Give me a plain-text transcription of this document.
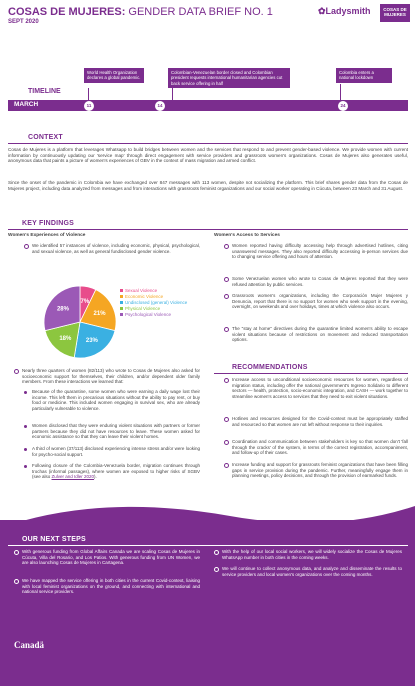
COSAS DE MUJERES: GENDER DATA BRIEF NO. 1
SEPT 2020
✿Ladysmith	COSAS DE MUJERES
World Health Organization declares a global pandemic.
Colombian-Venezuelan border closed and Colombian president requests international humanitarian agencies cut back service offering in half
Colombia enters a national lockdown
TIMELINE
MARCH	11	14	24
CONTEXT
Cosas de Mujeres is a platform that leverages Whatsapp to build bridges between women and the services that respond to and prevent gender-based violence. We provide women with current information by continuously updating our 'service map' through direct engagement with service providers and grassroots women's organizations. Cosas de Mujeres also generates useful, anonymous data that paints a picture of women's experiences of GBV in the context of mass migration and armed conflict.
Since the onset of the pandemic in Colombia we have exchanged over 847 messages with 113 women, despite not socializing the platform. This brief shares gender data from the Cosas de Mujeres project, including data analyzed from messages and from interactions with grassroots feminist organizations and our social worker operating in Cúcuta, between 23 March and 31 August.
KEY FINDINGS
Women's Experiences of Violence
We identified 57 instances of violence, including economic, physical, psychological, and sexual violence, as well as general fundisclosed gender violence.
7%
21%
23%
18%
28%
Sexual Violence
Economic Violence
Undisclosed (general) Violence
Physical Violence
Psychological Violence
Nearly three quarters of women (82/113) who wrote to Cosas de Mujeres also asked for socioeconomic support for themselves, their children, and/or dependent older family members. From these interactions we learned that:
Because of the quarantine, some women who were earning a daily wage lost their income. This left them in precarious situations without the ability to pay rent, or buy food or medicine. This included women engaging in survival sex, who are already particularly vulnerable to violence.
Women disclosed that they were enduring violent situations with partners or former partners because they did not have resources to leave. These women asked for economic assistance so that they can leave their violent homes.
A third of women (37/113) disclosed experiencing intense stress and/or were looking for psycho-social support.
Following closure of the Colombia-Venezuela border, migration continues through trochas (informal passages), where women are exposed to higher risks of SGBV (see also Zulver and Idler 2020).
Women's Access to Services
Women reported having difficulty accessing help through advertised hotlines, citing unanswered messages. They also reported difficulty accessing in-person services due to changing service offering and hours of attention.
Some Venezuelan women who wrote to Cosas de Mujeres reported that they were refused attention by public services.
Grassroots women's organizations, including the Corporación Mujer Mujeres y Denuncia, report that there is no support for women who seek support in the evening, overnight, on weekends and over holidays, times at which violence also occurs.
The "stay at home" directives during the quarantine limited women's ability to escape violent situations because of restrictions on movement and reduced transportation options.
RECOMMENDATIONS
Increase access to unconditional socioeconomic resources for women, regardless of migration status, including offer the national government's Ingreso Solidario to different sectors — health, protection, socio-economic integration, and CASH — work together to streamline women's access to services that they need to exit violent situations.
Hotlines and resources designed for the Covid-context must be appropriately staffed and resourced so that women are not left without response to their inquiries.
Coordination and communication between stakeholders is key so that women don't 'fall through the cracks' of the system, in terms of the correct registration, accompaniment, and follow-up of their cases.
Increase funding and support for grassroots feminist organizations that have been filling gaps in service provision during the pandemic. Further, meaningfully engage them in planning meetings, policy decisions, and through the provision of earmarked funds.
OUR NEXT STEPS
With generous funding from Global Affairs Canada we are scaling Cosas de Mujeres in Cúcuta, Villa del Rosario, and Los Patios. With generous funding from UN Women, we are also launching Cosas de Mujeres in Cartagena.
We have mapped the service offering in both cities in the current Covid-context, liaising with local feminist organizations on the ground, and connecting with international and national service providers.
With the help of our local social workers, we will widely socialize the Cosas de Mujeres WhatsApp number in both cities in the coming weeks.
We will continue to collect anonymous data, and analyze and disseminate the results to service providers and local women's organizations over the coming months.
Canadä
